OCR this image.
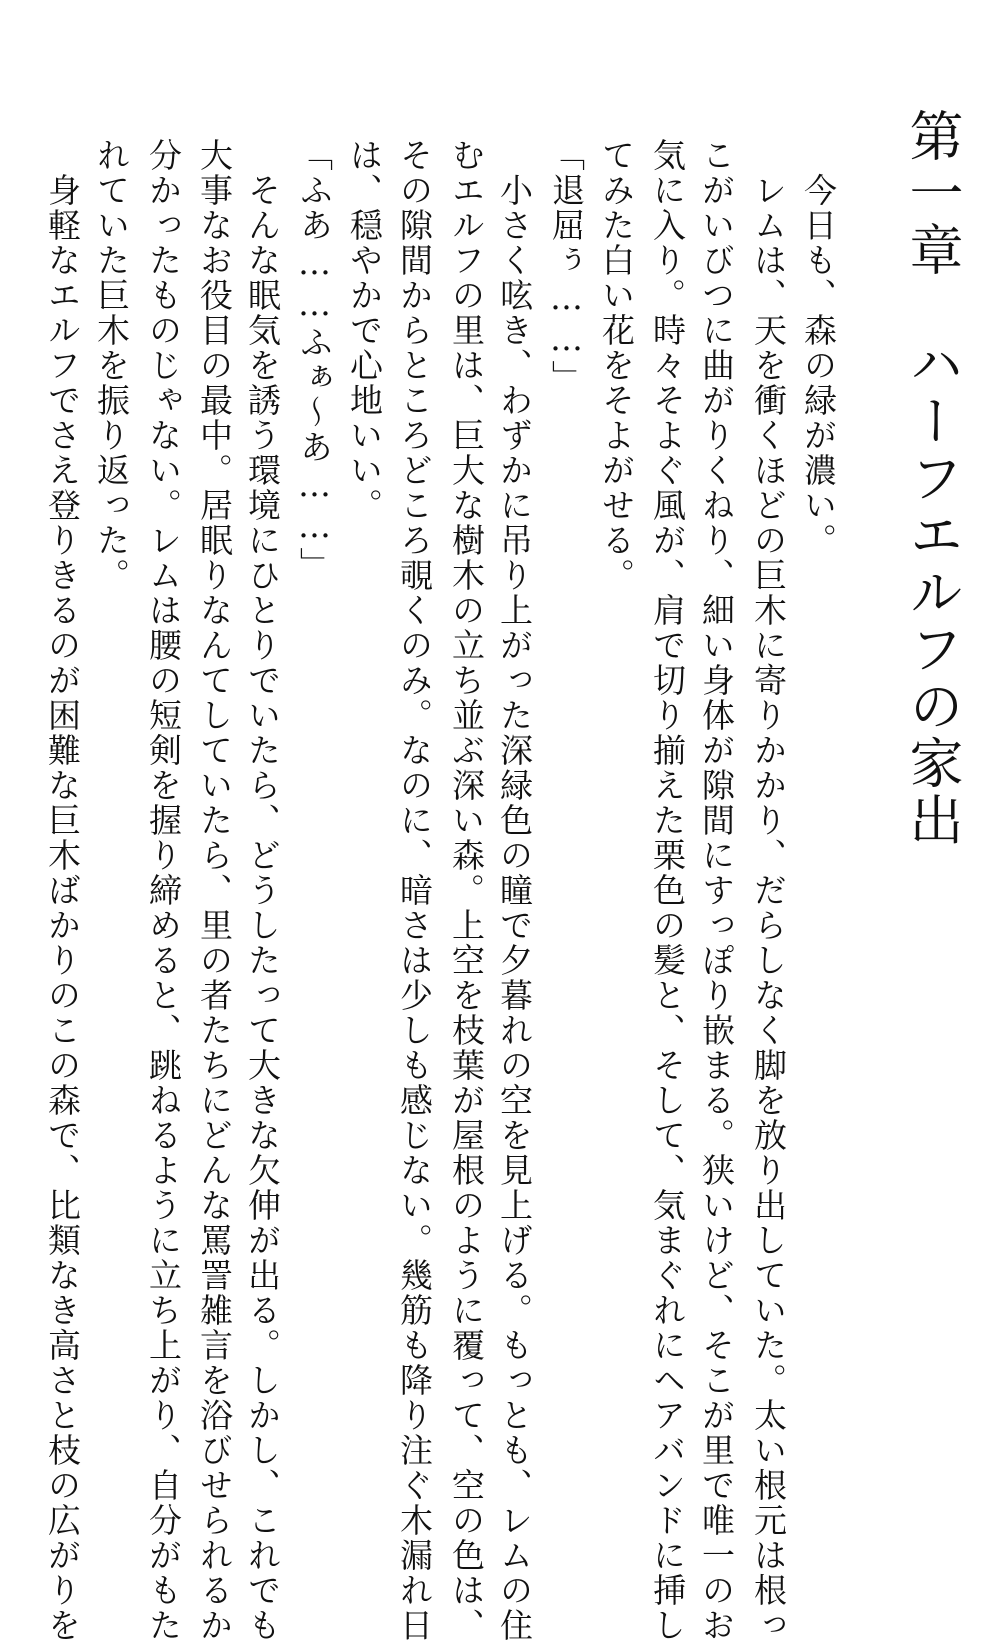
第一章　ハーフエルフの家出
　今日も、森の緑が濃い。
　レムは、天を衝くほどの巨木に寄りかかり、だらしなく脚を放り出していた。太い根元は根っ
こがいびつに曲がりくねり、細い身体が隙間にすっぽり嵌まる。狭いけど、そこが里で唯一のお
気に入り。時々そよぐ風が、肩で切り揃えた栗色の髪と、そして、気まぐれにヘアバンドに挿し
てみた白い花をそよがせる。
「退屈ぅ……」
　小さく呟き、わずかに吊り上がった深緑色の瞳で夕暮れの空を見上げる。もっとも、レムの住
むエルフの里は、巨大な樹木の立ち並ぶ深い森。上空を枝葉が屋根のように覆って、空の色は、
その隙間からところどころ覗くのみ。なのに、暗さは少しも感じない。幾筋も降り注ぐ木漏れ日
は、穏やかで心地いい。
「ふあ……ふぁ～あ……」
　そんな眠気を誘う環境にひとりでいたら、どうしたって大きな欠伸が出る。しかし、これでも
大事なお役目の最中。居眠りなんてしていたら、里の者たちにどんな罵詈雑言を浴びせられるか
分かったものじゃない。レムは腰の短剣を握り締めると、跳ねるように立ち上がり、自分がもた
れていた巨木を振り返った。
　身軽なエルフでさえ登りきるのが困難な巨木ばかりのこの森で、比類なき高さと枝の広がりを
